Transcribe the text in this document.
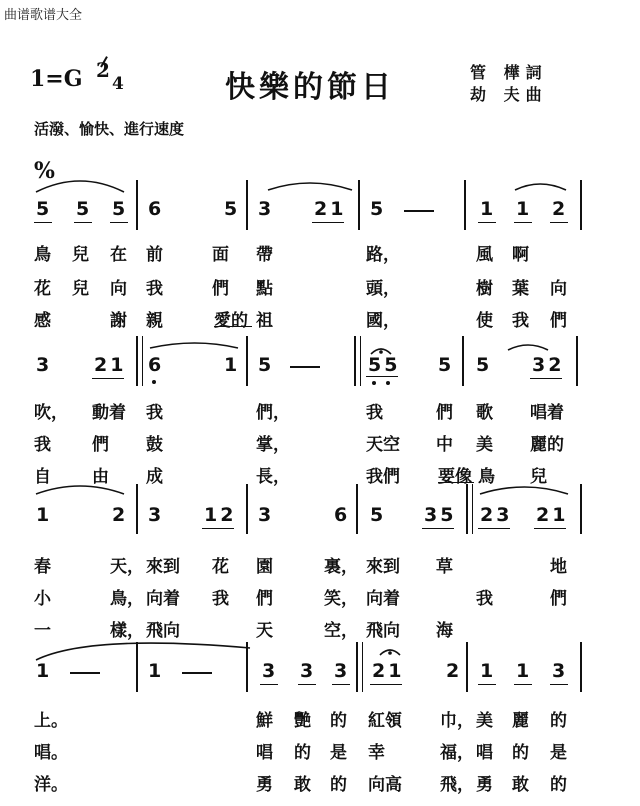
曲谱歌谱大全
1=G 2
4	快樂的節日	管 樺詞
劫 夫曲
活潑、愉快、進行速度
%
5 5 5 6	5 3 21 5	1 1 2
鳥 兒 在 前	面 帶	路，	風 啊
花 兒 向 我	們 點	頭，	樹 葉 向
感	謝 親	愛的 祖	國，	使 我 們
3 21 6	1 5	55 5 5 32
吹， 動着 我	們，	我	們 歌 唱着
我 們 鼓	掌，	天空 中 美 麗的
自 由 成	長，	我們 要像 鳥 兒
1	2 3 12 3	6 5 35 23 21
春	天， 來到 花 園	裏， 來到 草	地
小	鳥， 向着 我 們	笑， 向着	我	們
一	樣， 飛向	天	空， 飛向 海
1	1	3 3 3 21 2 1 1 3
上。	鮮 艷 的 紅領 巾， 美 麗 的
唱。	唱 的 是 幸	福， 唱 的 是
洋。	勇 敢 的 向高 飛， 勇 敢 的
